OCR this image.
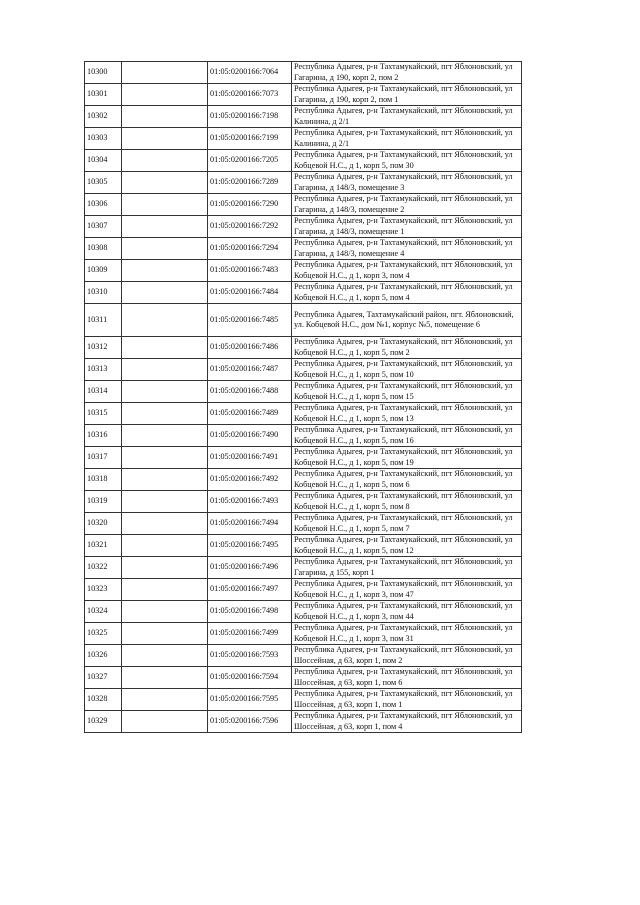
10300		01:05:0200166:7064	Республика Адыгея, р-н Тахтамукайский, пгт Яблоновский, ул Гагарина, д 190, корп 2, пом 2
10301		01:05:0200166:7073	Республика Адыгея, р-н Тахтамукайский, пгт Яблоновский, ул Гагарина, д 190, корп 2, пом 1
10302		01:05:0200166:7198	Республика Адыгея, р-н Тахтамукайский, пгт Яблоновский, ул Калинина, д 2/1
10303		01:05:0200166:7199	Республика Адыгея, р-н Тахтамукайский, пгт Яблоновский, ул Калинина, д 2/1
10304		01:05:0200166:7205	Республика Адыгея, р-н Тахтамукайский, пгт Яблоновский, ул Кобцевой Н.С., д 1, корп 5, пом 30
10305		01:05:0200166:7289	Республика Адыгея, р-н Тахтамукайский, пгт Яблоновский, ул Гагарина, д 148/3, помещение 3
10306		01:05:0200166:7290	Республика Адыгея, р-н Тахтамукайский, пгт Яблоновский, ул Гагарина, д 148/3, помещение 2
10307		01:05:0200166:7292	Республика Адыгея, р-н Тахтамукайский, пгт Яблоновский, ул Гагарина, д 148/3, помещение 1
10308		01:05:0200166:7294	Республика Адыгея, р-н Тахтамукайский, пгт Яблоновский, ул Гагарина, д 148/3, помещение 4
10309		01:05:0200166:7483	Республика Адыгея, р-н Тахтамукайский, пгт Яблоновский, ул Кобцевой Н.С., д 1, корп 3, пом 4
10310		01:05:0200166:7484	Республика Адыгея, р-н Тахтамукайский, пгт Яблоновский, ул Кобцевой Н.С., д 1, корп 5, пом 4
10311		01:05:0200166:7485	Республика Адыгея, Тахтамукайский район, пгт. Яблоновский, ул. Кобцевой Н.С., дом №1, корпус №5, помещение 6
10312		01:05:0200166:7486	Республика Адыгея, р-н Тахтамукайский, пгт Яблоновский, ул Кобцевой Н.С., д 1, корп 5, пом 2
10313		01:05:0200166:7487	Республика Адыгея, р-н Тахтамукайский, пгт Яблоновский, ул Кобцевой Н.С., д 1, корп 5, пом 10
10314		01:05:0200166:7488	Республика Адыгея, р-н Тахтамукайский, пгт Яблоновский, ул Кобцевой Н.С., д 1, корп 5, пом 15
10315		01:05:0200166:7489	Республика Адыгея, р-н Тахтамукайский, пгт Яблоновский, ул Кобцевой Н.С., д 1, корп 5, пом 13
10316		01:05:0200166:7490	Республика Адыгея, р-н Тахтамукайский, пгт Яблоновский, ул Кобцевой Н.С., д 1, корп 5, пом 16
10317		01:05:0200166:7491	Республика Адыгея, р-н Тахтамукайский, пгт Яблоновский, ул Кобцевой Н.С., д 1, корп 5, пом 19
10318		01:05:0200166:7492	Республика Адыгея, р-н Тахтамукайский, пгт Яблоновский, ул Кобцевой Н.С., д 1, корп 5, пом 6
10319		01:05:0200166:7493	Республика Адыгея, р-н Тахтамукайский, пгт Яблоновский, ул Кобцевой Н.С., д 1, корп 5, пом 8
10320		01:05:0200166:7494	Республика Адыгея, р-н Тахтамукайский, пгт Яблоновский, ул Кобцевой Н.С., д 1, корп 5, пом 7
10321		01:05:0200166:7495	Республика Адыгея, р-н Тахтамукайский, пгт Яблоновский, ул Кобцевой Н.С., д 1, корп 5, пом 12
10322		01:05:0200166:7496	Республика Адыгея, р-н Тахтамукайский, пгт Яблоновский, ул Гагарина, д 155, корп 1
10323		01:05:0200166:7497	Республика Адыгея, р-н Тахтамукайский, пгт Яблоновский, ул Кобцевой Н.С., д 1, корп 3, пом 47
10324		01:05:0200166:7498	Республика Адыгея, р-н Тахтамукайский, пгт Яблоновский, ул Кобцевой Н.С., д 1, корп 3, пом 44
10325		01:05:0200166:7499	Республика Адыгея, р-н Тахтамукайский, пгт Яблоновский, ул Кобцевой Н.С., д 1, корп 3, пом 31
10326		01:05:0200166:7593	Республика Адыгея, р-н Тахтамукайский, пгт Яблоновский, ул Шоссейная, д 63, корп 1, пом 2
10327		01:05:0200166:7594	Республика Адыгея, р-н Тахтамукайский, пгт Яблоновский, ул Шоссейная, д 63, корп 1, пом 6
10328		01:05:0200166:7595	Республика Адыгея, р-н Тахтамукайский, пгт Яблоновский, ул Шоссейная, д 63, корп 1, пом 1
10329		01:05:0200166:7596	Республика Адыгея, р-н Тахтамукайский, пгт Яблоновский, ул Шоссейная, д 63, корп 1, пом 4
